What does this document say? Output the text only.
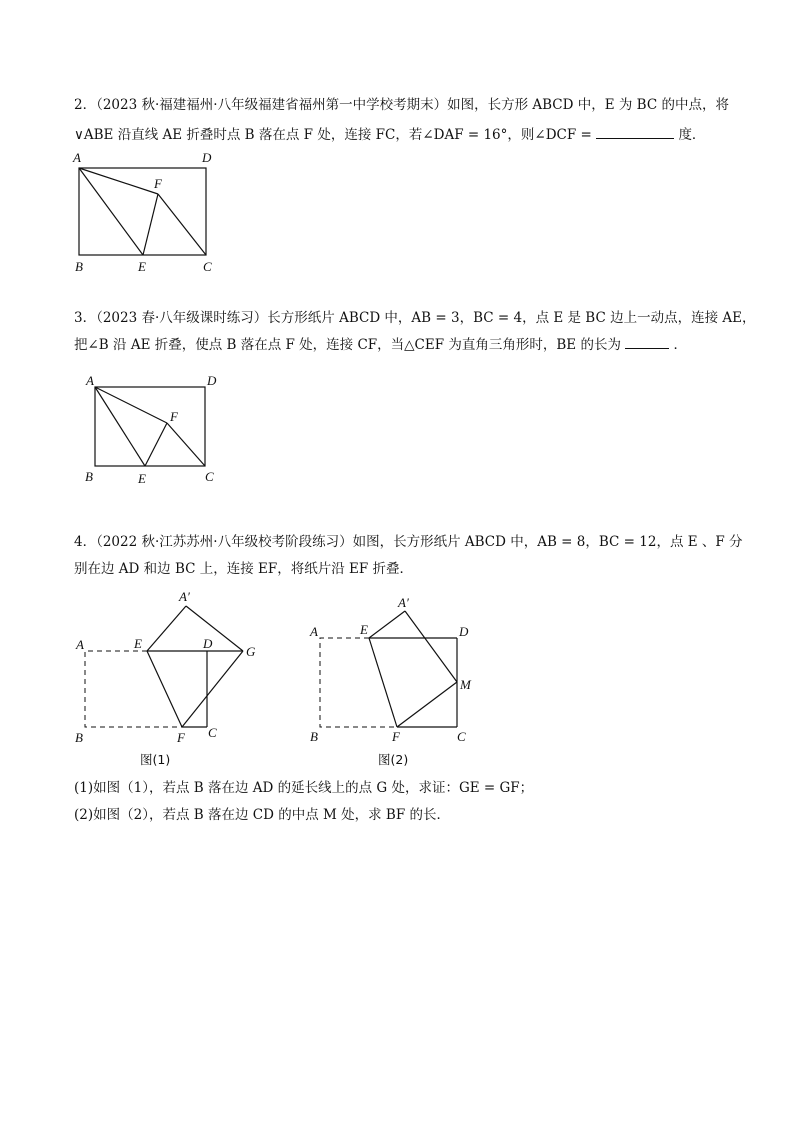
2．（2023 秋·福建福州·八年级福建省福州第一中学校考期末）如图，长方形 ABCD 中，E 为 BC 的中点，将
∨ABE 沿直线 AE 折叠时点 B 落在点 F 处，连接 FC，若∠DAF = 16°，则∠DCF =	度．
A	D
F
B	E	C
3．（2023 春·八年级课时练习）长方形纸片 ABCD 中，AB = 3，BC = 4，点 E 是 BC 边上一动点，连接 AE，
把∠B 沿 AE 折叠，使点 B 落在点 F 处，连接 CF，当△CEF 为直角三角形时，BE 的长为	．
A	D
F
B	E	C
4．（2022 秋·江苏苏州·八年级校考阶段练习）如图，长方形纸片 ABCD 中，AB = 8，BC = 12，点 E 、F 分
别在边 AD 和边 BC 上，连接 EF，将纸片沿 EF 折叠．
A′
A	E	D
G
B	F C
图(1)
A′
A	E	D
M
B	F	C
图(2)
(1)如图（1），若点 B 落在边 AD 的延长线上的点 G 处，求证：GE = GF；
(2)如图（2），若点 B 落在边 CD 的中点 M 处，求 BF 的长．
